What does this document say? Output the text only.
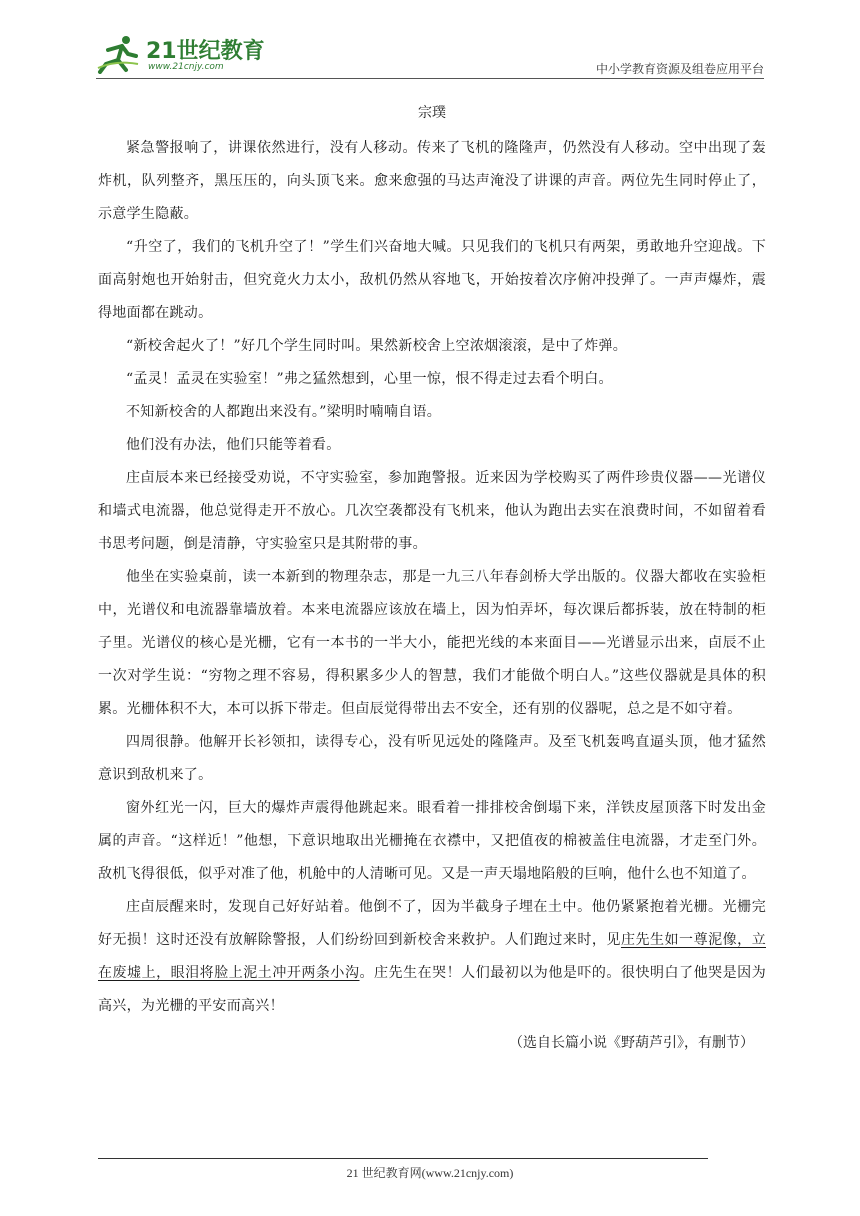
21世纪教育
www.21cnjy.com	中小学教育资源及组卷应用平台
宗璞

紧急警报响了，讲课依然进行，没有人移动。传来了飞机的隆隆声，仍然没有人移动。空中出现了轰炸机，队列整齐，黑压压的，向头顶飞来。愈来愈强的马达声淹没了讲课的声音。两位先生同时停止了，示意学生隐蔽。

“升空了，我们的飞机升空了！”学生们兴奋地大喊。只见我们的飞机只有两架，勇敢地升空迎战。下面高射炮也开始射击，但究竟火力太小，敌机仍然从容地飞，开始按着次序俯冲投弹了。一声声爆炸，震得地面都在跳动。

“新校舍起火了！”好几个学生同时叫。果然新校舍上空浓烟滚滚，是中了炸弹。

“孟灵！孟灵在实验室！”弗之猛然想到，心里一惊，恨不得走过去看个明白。

不知新校舍的人都跑出来没有。”梁明时喃喃自语。

他们没有办法，他们只能等着看。

庄卣辰本来已经接受劝说，不守实验室，参加跑警报。近来因为学校购买了两件珍贵仪器——光谱仪和墙式电流器，他总觉得走开不放心。几次空袭都没有飞机来，他认为跑出去实在浪费时间，不如留着看书思考问题，倒是清静，守实验室只是其附带的事。

他坐在实验桌前，读一本新到的物理杂志，那是一九三八年春剑桥大学出版的。仪器大都收在实验柜中，光谱仪和电流器靠墙放着。本来电流器应该放在墙上，因为怕弄坏，每次课后都拆装，放在特制的柜子里。光谱仪的核心是光栅，它有一本书的一半大小，能把光线的本来面目——光谱显示出来，卣辰不止一次对学生说：“穷物之理不容易，得积累多少人的智慧，我们才能做个明白人。”这些仪器就是具体的积累。光栅体积不大，本可以拆下带走。但卣辰觉得带出去不安全，还有别的仪器呢，总之是不如守着。

四周很静。他解开长衫领扣，读得专心，没有听见远处的隆隆声。及至飞机轰鸣直逼头顶，他才猛然意识到敌机来了。

窗外红光一闪，巨大的爆炸声震得他跳起来。眼看着一排排校舍倒塌下来，洋铁皮屋顶落下时发出金属的声音。“这样近！”他想，下意识地取出光栅掩在衣襟中，又把值夜的棉被盖住电流器，才走至门外。敌机飞得很低，似乎对准了他，机舱中的人清晰可见。又是一声天塌地陷般的巨响，他什么也不知道了。

庄卣辰醒来时，发现自己好好站着。他倒不了，因为半截身子埋在土中。他仍紧紧抱着光栅。光栅完好无损！这时还没有放解除警报，人们纷纷回到新校舍来救护。人们跑过来时，见庄先生如一尊泥像，立在废墟上，眼泪将脸上泥土冲开两条小沟。庄先生在哭！人们最初以为他是吓的。很快明白了他哭是因为高兴，为光栅的平安而高兴！

（选自长篇小说《野葫芦引》，有删节）
21 世纪教育网(www.21cnjy.com)
